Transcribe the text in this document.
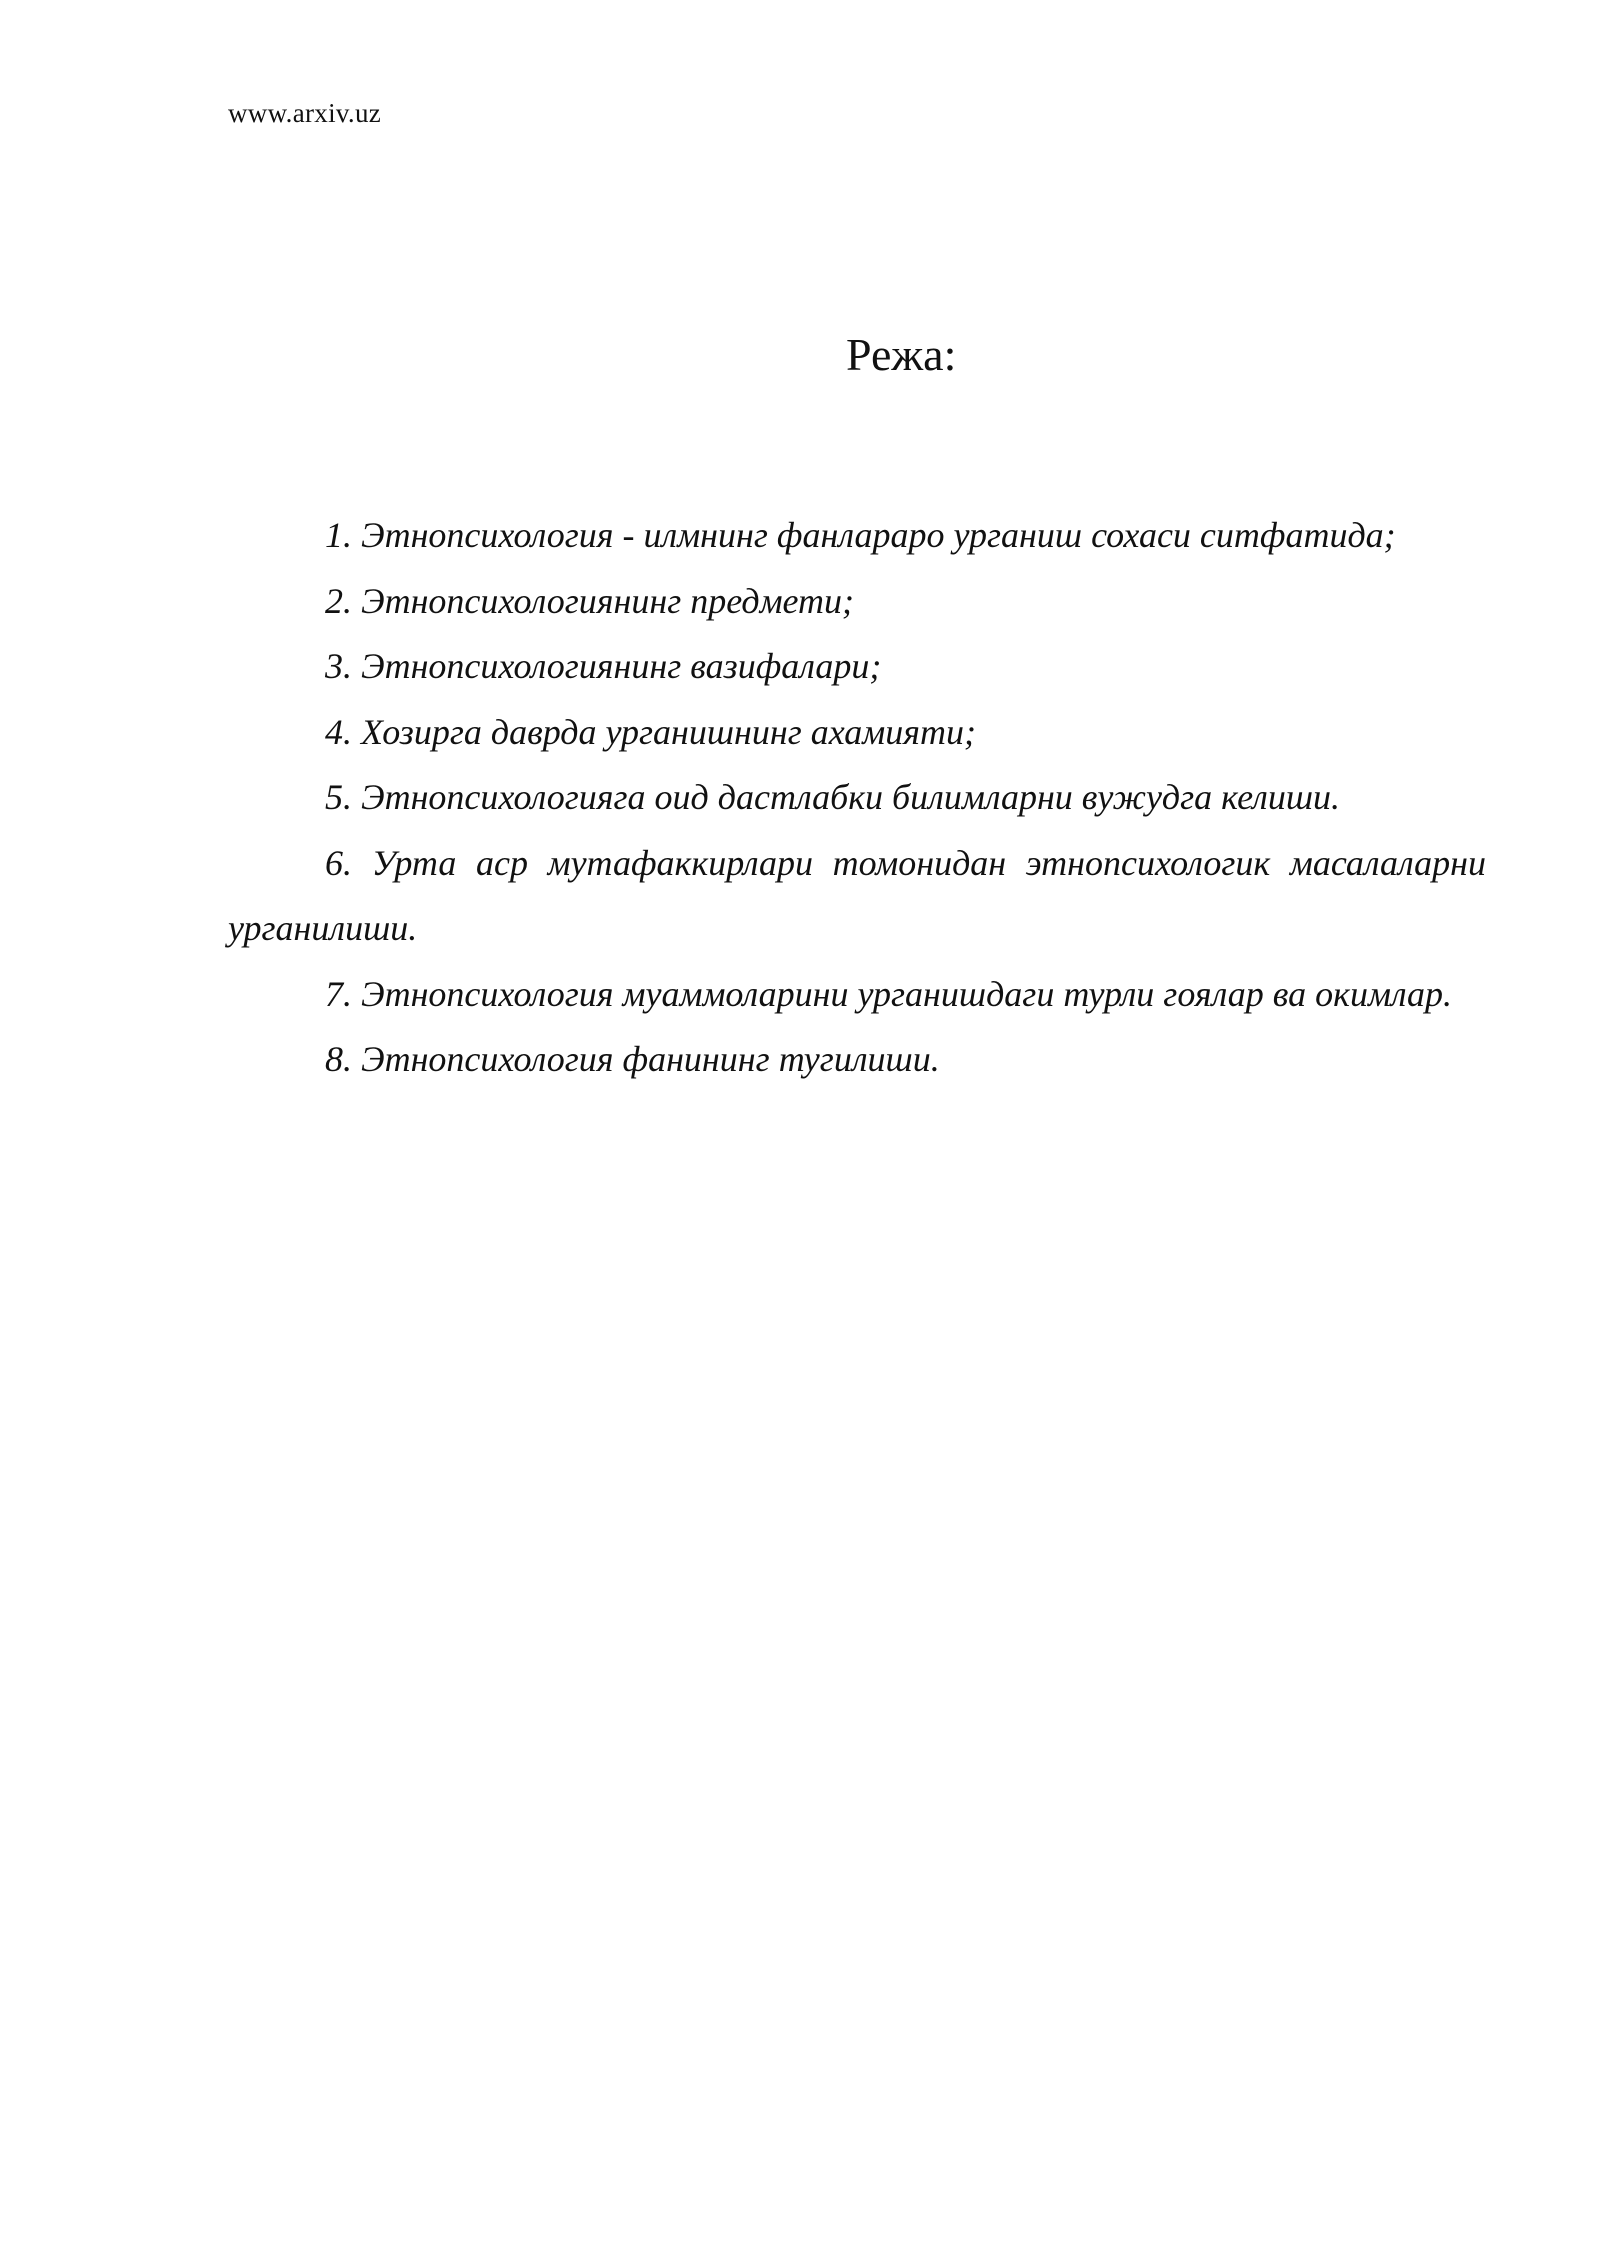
www.arxiv.uz
Режа:
1. Этнопсихология - илмнинг фанлараро урганиш сохаси ситфатида;
2. Этнопсихологиянинг предмети;
3. Этнопсихологиянинг вазифалари;
4. Хозирга даврда урганишнинг ахамияти;
5. Этнопсихологияга оид дастлабки билимларни вужудга келиши.
6. Урта аср мутафаккирлари томонидан этнопсихологик масалаларни урганилиши.
7. Этнопсихология муаммоларини урганишдаги турли гоялар ва окимлар.
8. Этнопсихология фанининг тугилиши.
